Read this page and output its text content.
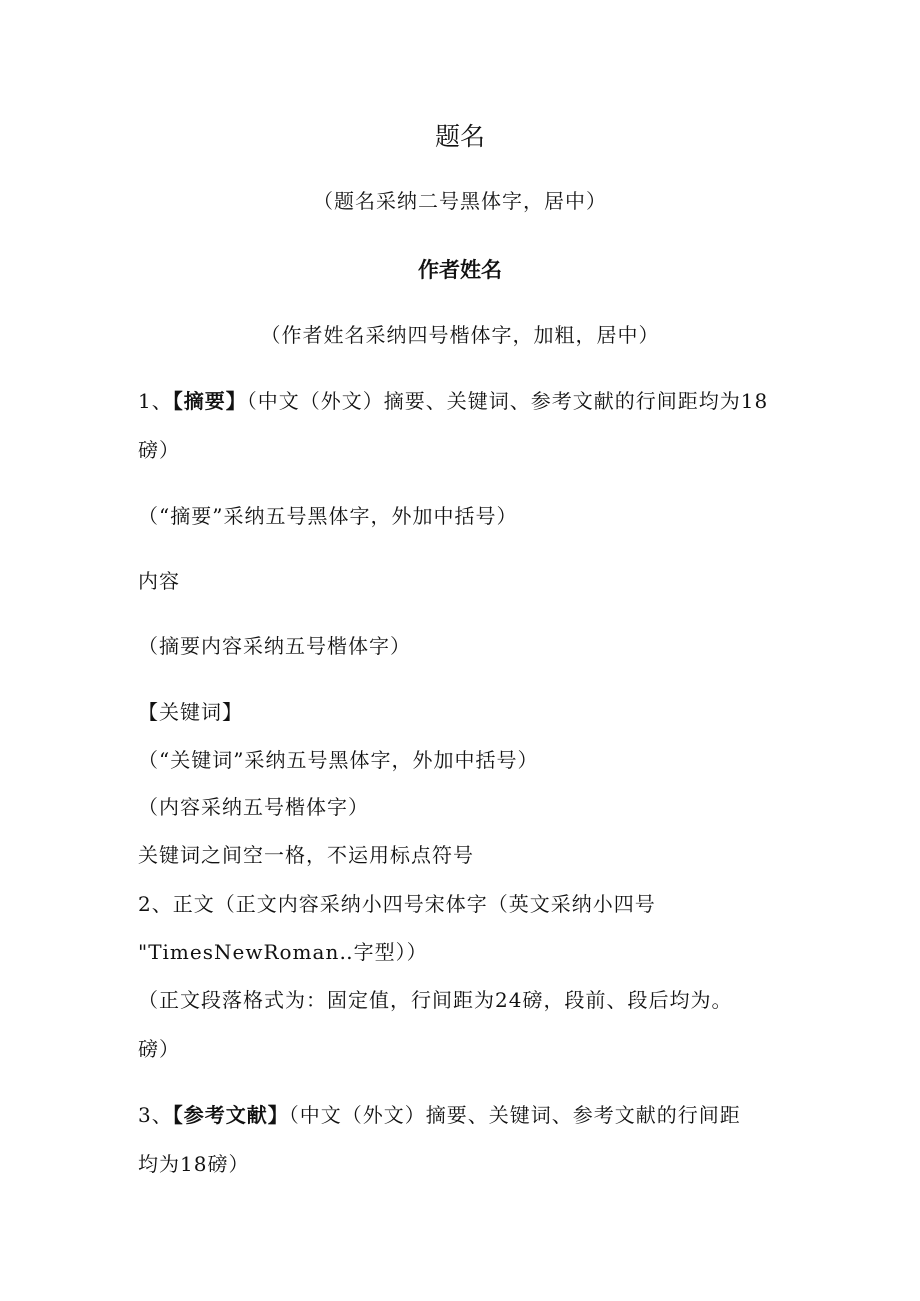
题名
（题名采纳二号黑体字，居中）
作者姓名
（作者姓名采纳四号楷体字，加粗，居中）
1、【摘要】（中文（外文）摘要、关键词、参考文献的行间距均为18
磅）
（“摘要”采纳五号黑体字，外加中括号）
内容
（摘要内容采纳五号楷体字）
【关键词】
（“关键词”采纳五号黑体字，外加中括号）
（内容采纳五号楷体字）
关键词之间空一格，不运用标点符号
2、正文（正文内容采纳小四号宋体字（英文采纳小四号
"TimesNewRoman‥字型））
（正文段落格式为：固定值，行间距为24磅，段前、段后均为。
磅）
3、【参考文献】（中文（外文）摘要、关键词、参考文献的行间距
均为18磅）
